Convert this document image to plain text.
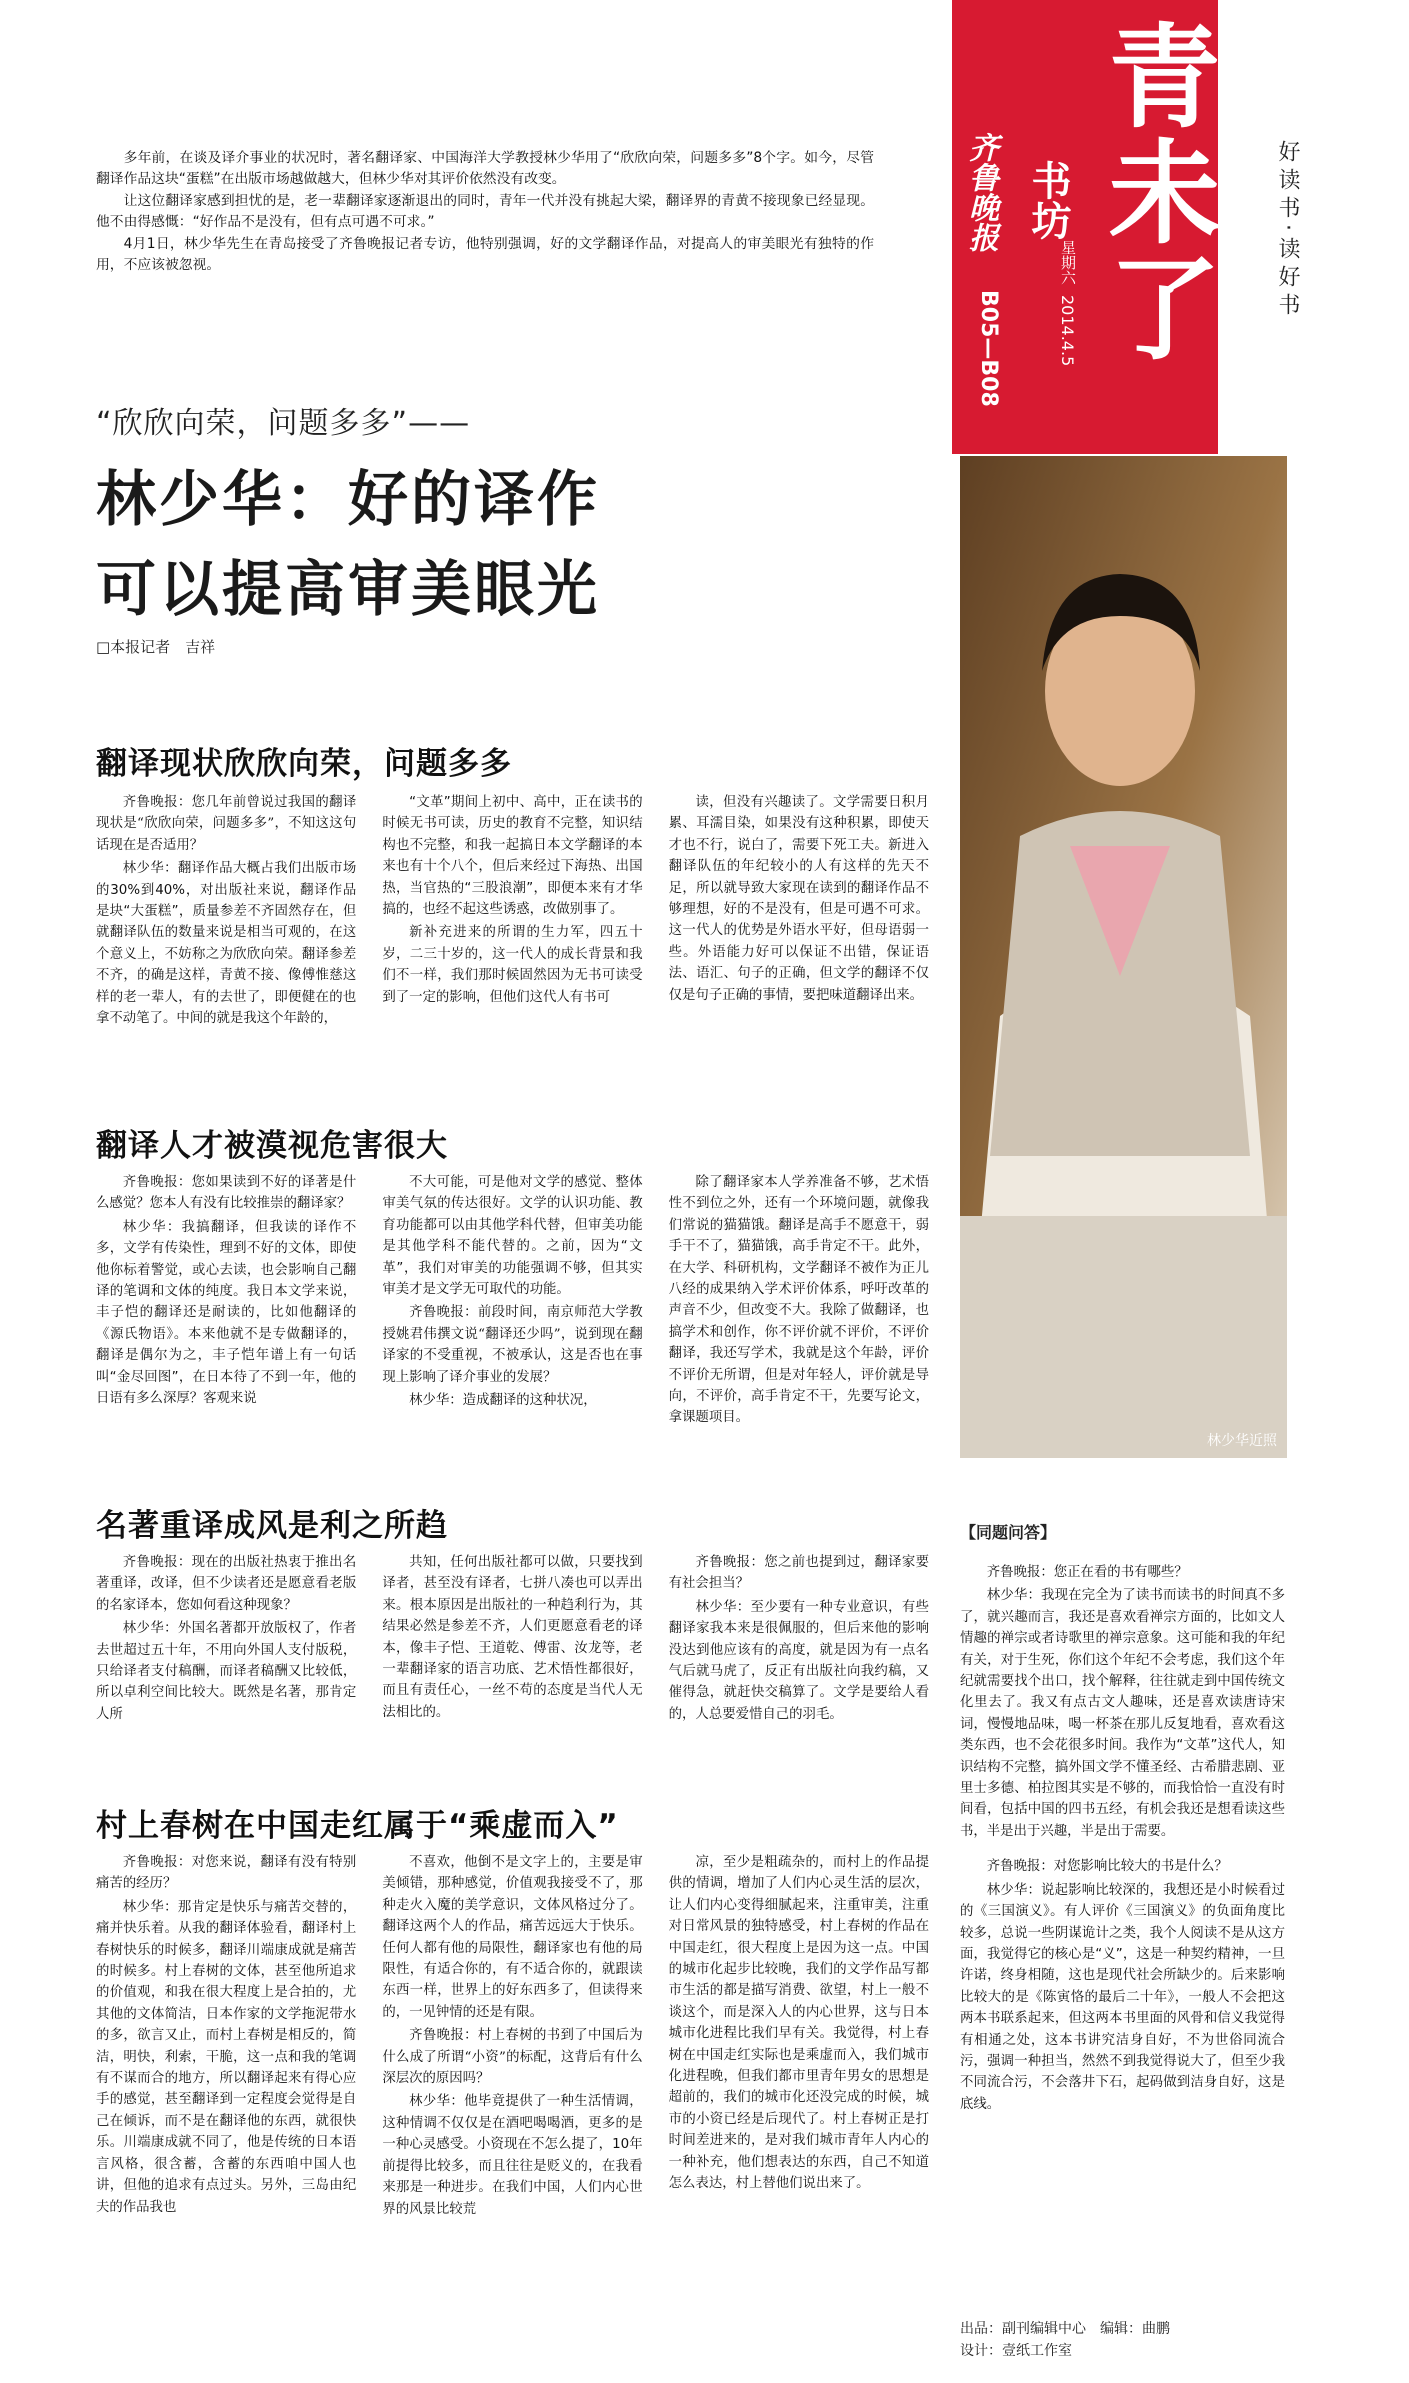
青未了
齐鲁晚报 书坊
星期六
2014.4.5
B05—B08
好读书·读好书

多年前，在谈及译介事业的状况时，著名翻译家、中国海洋大学教授林少华用了“欣欣向荣，问题多多”8个字。如今，尽管翻译作品这块“蛋糕”在出版市场越做越大，但林少华对其评价依然没有改变。

让这位翻译家感到担忧的是，老一辈翻译家逐渐退出的同时，青年一代并没有挑起大梁，翻译界的青黄不接现象已经显现。他不由得感慨：“好作品不是没有，但有点可遇不可求。”

4月1日，林少华先生在青岛接受了齐鲁晚报记者专访，他特别强调，好的文学翻译作品，对提高人的审美眼光有独特的作用，不应该被忽视。

“欣欣向荣，问题多多”——
林少华：好的译作
可以提高审美眼光
□本报记者　吉祥
林少华近照
翻译现状欣欣向荣，问题多多

齐鲁晚报：您几年前曾说过我国的翻译现状是“欣欣向荣，问题多多”，不知这这句话现在是否适用？

林少华：翻译作品大概占我们出版市场的30%到40%，对出版社来说，翻译作品是块“大蛋糕”，质量参差不齐固然存在，但就翻译队伍的数量来说是相当可观的，在这个意义上，不妨称之为欣欣向荣。翻译参差不齐，的确是这样，青黄不接、像傅惟慈这样的老一辈人，有的去世了，即便健在的也拿不动笔了。中间的就是我这个年龄的，

“文革”期间上初中、高中，正在读书的时候无书可读，历史的教育不完整，知识结构也不完整，和我一起搞日本文学翻译的本来也有十个八个，但后来经过下海热、出国热，当官热的“三股浪潮”，即便本来有才华搞的，也经不起这些诱惑，改做别事了。

新补充进来的所谓的生力军，四五十岁，二三十岁的，这一代人的成长背景和我们不一样，我们那时候固然因为无书可读受到了一定的影响，但他们这代人有书可

读，但没有兴趣读了。文学需要日积月累、耳濡目染，如果没有这种积累，即使天才也不行，说白了，需要下死工夫。新进入翻译队伍的年纪较小的人有这样的先天不足，所以就导致大家现在读到的翻译作品不够理想，好的不是没有，但是可遇不可求。这一代人的优势是外语水平好，但母语弱一些。外语能力好可以保证不出错，保证语法、语汇、句子的正确，但文学的翻译不仅仅是句子正确的事情，要把味道翻译出来。

翻译人才被漠视危害很大

齐鲁晚报：您如果读到不好的译著是什么感觉？您本人有没有比较推崇的翻译家？

林少华：我搞翻译，但我读的译作不多，文学有传染性，理到不好的文体，即使他你标着警觉，或心去读，也会影响自己翻译的笔调和文体的纯度。我日本文学来说，丰子恺的翻译还是耐读的，比如他翻译的《源氏物语》。本来他就不是专做翻译的，翻译是偶尔为之，丰子恺年谱上有一句话叫“金尽回图”，在日本待了不到一年，他的日语有多么深厚？客观来说

不大可能，可是他对文学的感觉、整体审美气氛的传达很好。文学的认识功能、教育功能都可以由其他学科代替，但审美功能是其他学科不能代替的。之前，因为“文革”，我们对审美的功能强调不够，但其实审美才是文学无可取代的功能。

齐鲁晚报：前段时间，南京师范大学教授姚君伟撰文说“翻译还少吗”，说到现在翻译家的不受重视，不被承认，这是否也在事现上影响了译介事业的发展？

林少华：造成翻译的这种状况，

除了翻译家本人学养准备不够，艺术悟性不到位之外，还有一个环境问题，就像我们常说的猫猫饿。翻译是高手不愿意干，弱手干不了，猫猫饿，高手肯定不干。此外，在大学、科研机构，文学翻译不被作为正儿八经的成果纳入学术评价体系，呼吁改革的声音不少，但改变不大。我除了做翻译，也搞学术和创作，你不评价就不评价，不评价翻译，我还写学术，我就是这个年龄，评价不评价无所谓，但是对年轻人，评价就是导向，不评价，高手肯定不干，先要写论文，拿课题项目。

名著重译成风是利之所趋

齐鲁晚报：现在的出版社热衷于推出名著重译，改译，但不少读者还是愿意看老版的名家译本，您如何看这种现象？

林少华：外国名著都开放版权了，作者去世超过五十年，不用向外国人支付版税，只给译者支付稿酬，而译者稿酬又比较低，所以卓利空间比较大。既然是名著，那肯定人所

共知，任何出版社都可以做，只要找到译者，甚至没有译者，七拼八凑也可以弄出来。根本原因是出版社的一种趋利行为，其结果必然是参差不齐，人们更愿意看老的译本，像丰子恺、王道乾、傅雷、汝龙等，老一辈翻译家的语言功底、艺术悟性都很好，而且有责任心，一丝不苟的态度是当代人无法相比的。

齐鲁晚报：您之前也提到过，翻译家要有社会担当？

林少华：至少要有一种专业意识，有些翻译家我本来是很佩服的，但后来他的影响没达到他应该有的高度，就是因为有一点名气后就马虎了，反正有出版社向我约稿，又催得急，就赶快交稿算了。文学是要给人看的，人总要爱惜自己的羽毛。

村上春树在中国走红属于“乘虚而入”

齐鲁晚报：对您来说，翻译有没有特别痛苦的经历？

林少华：那肯定是快乐与痛苦交替的，痛并快乐着。从我的翻译体验看，翻译村上春树快乐的时候多，翻译川端康成就是痛苦的时候多。村上春树的文体，甚至他所追求的价值观，和我在很大程度上是合拍的，尤其他的文体简洁，日本作家的文学拖泥带水的多，欲言又止，而村上春树是相反的，简洁，明快，利索，干脆，这一点和我的笔调有不谋而合的地方，所以翻译起来有得心应手的感觉，甚至翻译到一定程度会觉得是自己在倾诉，而不是在翻译他的东西，就很快乐。川端康成就不同了，他是传统的日本语言风格，很含蓄，含蓄的东西咱中国人也讲，但他的追求有点过头。另外，三岛由纪夫的作品我也

不喜欢，他倒不是文字上的，主要是审美倾错，那种感觉，价值观我接受不了，那种走火入魔的美学意识，文体风格过分了。翻译这两个人的作品，痛苦远远大于快乐。任何人都有他的局限性，翻译家也有他的局限性，有适合你的，有不适合你的，就跟读东西一样，世界上的好东西多了，但读得来的，一见钟情的还是有限。

齐鲁晚报：村上春树的书到了中国后为什么成了所谓“小资”的标配，这背后有什么深层次的原因吗？

林少华：他毕竟提供了一种生活情调，这种情调不仅仅是在酒吧喝喝酒，更多的是一种心灵感受。小资现在不怎么提了，10年前提得比较多，而且往往是贬义的，在我看来那是一种进步。在我们中国，人们内心世界的风景比较荒

凉，至少是粗疏杂的，而村上的作品提供的情调，增加了人们内心灵生活的层次，让人们内心变得细腻起来，注重审美，注重对日常风景的独特感受，村上春树的作品在中国走红，很大程度上是因为这一点。中国的城市化起步比较晚，我们的文学作品写都市生活的都是描写消费、欲望，村上一般不谈这个，而是深入人的内心世界，这与日本城市化进程比我们早有关。我觉得，村上春树在中国走红实际也是乘虚而入，我们城市化进程晚，但我们都市里青年男女的思想是超前的，我们的城市化还没完成的时候，城市的小资已经是后现代了。村上春树正是打时间差进来的，是对我们城市青年人内心的一种补充，他们想表达的东西，自己不知道怎么表达，村上替他们说出来了。

【同题问答】

齐鲁晚报：您正在看的书有哪些？

林少华：我现在完全为了读书而读书的时间真不多了，就兴趣而言，我还是喜欢看禅宗方面的，比如文人情趣的禅宗或者诗歌里的禅宗意象。这可能和我的年纪有关，对于生死，你们这个年纪不会考虑，我们这个年纪就需要找个出口，找个解释，往往就走到中国传统文化里去了。我又有点古文人趣味，还是喜欢读唐诗宋词，慢慢地品味，喝一杯茶在那儿反复地看，喜欢看这类东西，也不会花很多时间。我作为“文革”这代人，知识结构不完整，搞外国文学不懂圣经、古希腊悲剧、亚里士多德、柏拉图其实是不够的，而我恰恰一直没有时间看，包括中国的四书五经，有机会我还是想看读这些书，半是出于兴趣，半是出于需要。

齐鲁晚报：对您影响比较大的书是什么？

林少华：说起影响比较深的，我想还是小时候看过的《三国演义》。有人评价《三国演义》的负面角度比较多，总说一些阴谋诡计之类，我个人阅读不是从这方面，我觉得它的核心是“义”，这是一种契约精神，一旦许诺，终身相随，这也是现代社会所缺少的。后来影响比较大的是《陈寅恪的最后二十年》，一般人不会把这两本书联系起来，但这两本书里面的风骨和信义我觉得有相通之处，这本书讲究洁身自好，不为世俗同流合污，强调一种担当，然然不到我觉得说大了，但至少我不同流合污，不会落井下石，起码做到洁身自好，这是底线。

出品：副刊编辑中心　编辑：曲鹏
设计：壹纸工作室
